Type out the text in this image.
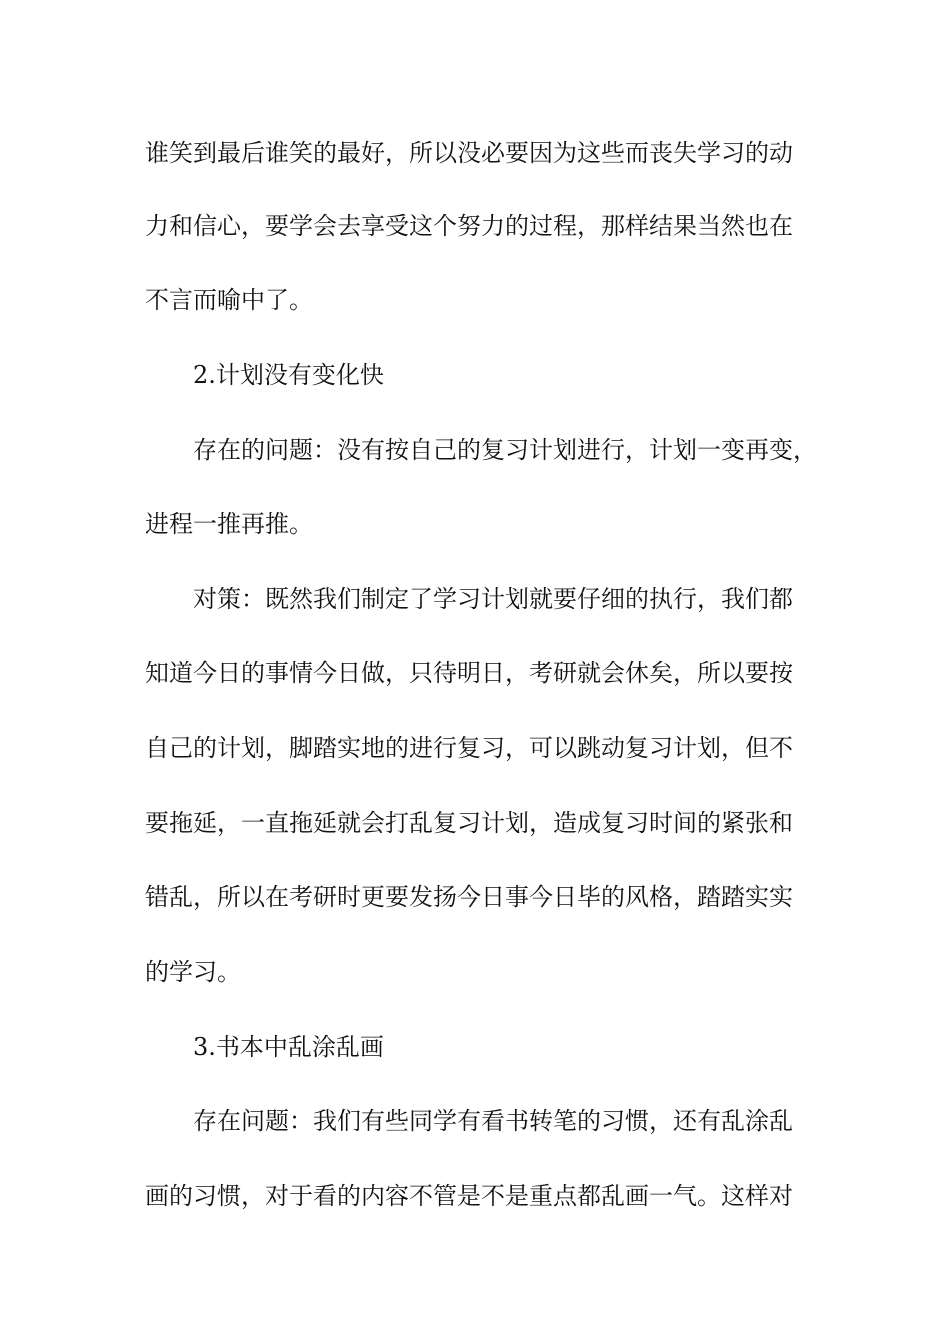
谁笑到最后谁笑的最好，所以没必要因为这些而丧失学习的动
力和信心，要学会去享受这个努力的过程，那样结果当然也在
不言而喻中了。
2.计划没有变化快
存在的问题：没有按自己的复习计划进行，计划一变再变，
进程一推再推。
对策：既然我们制定了学习计划就要仔细的执行，我们都
知道今日的事情今日做，只待明日，考研就会休矣，所以要按
自己的计划，脚踏实地的进行复习，可以跳动复习计划，但不
要拖延，一直拖延就会打乱复习计划，造成复习时间的紧张和
错乱，所以在考研时更要发扬今日事今日毕的风格，踏踏实实
的学习。
3.书本中乱涂乱画
存在问题：我们有些同学有看书转笔的习惯，还有乱涂乱
画的习惯，对于看的内容不管是不是重点都乱画一气。这样对
